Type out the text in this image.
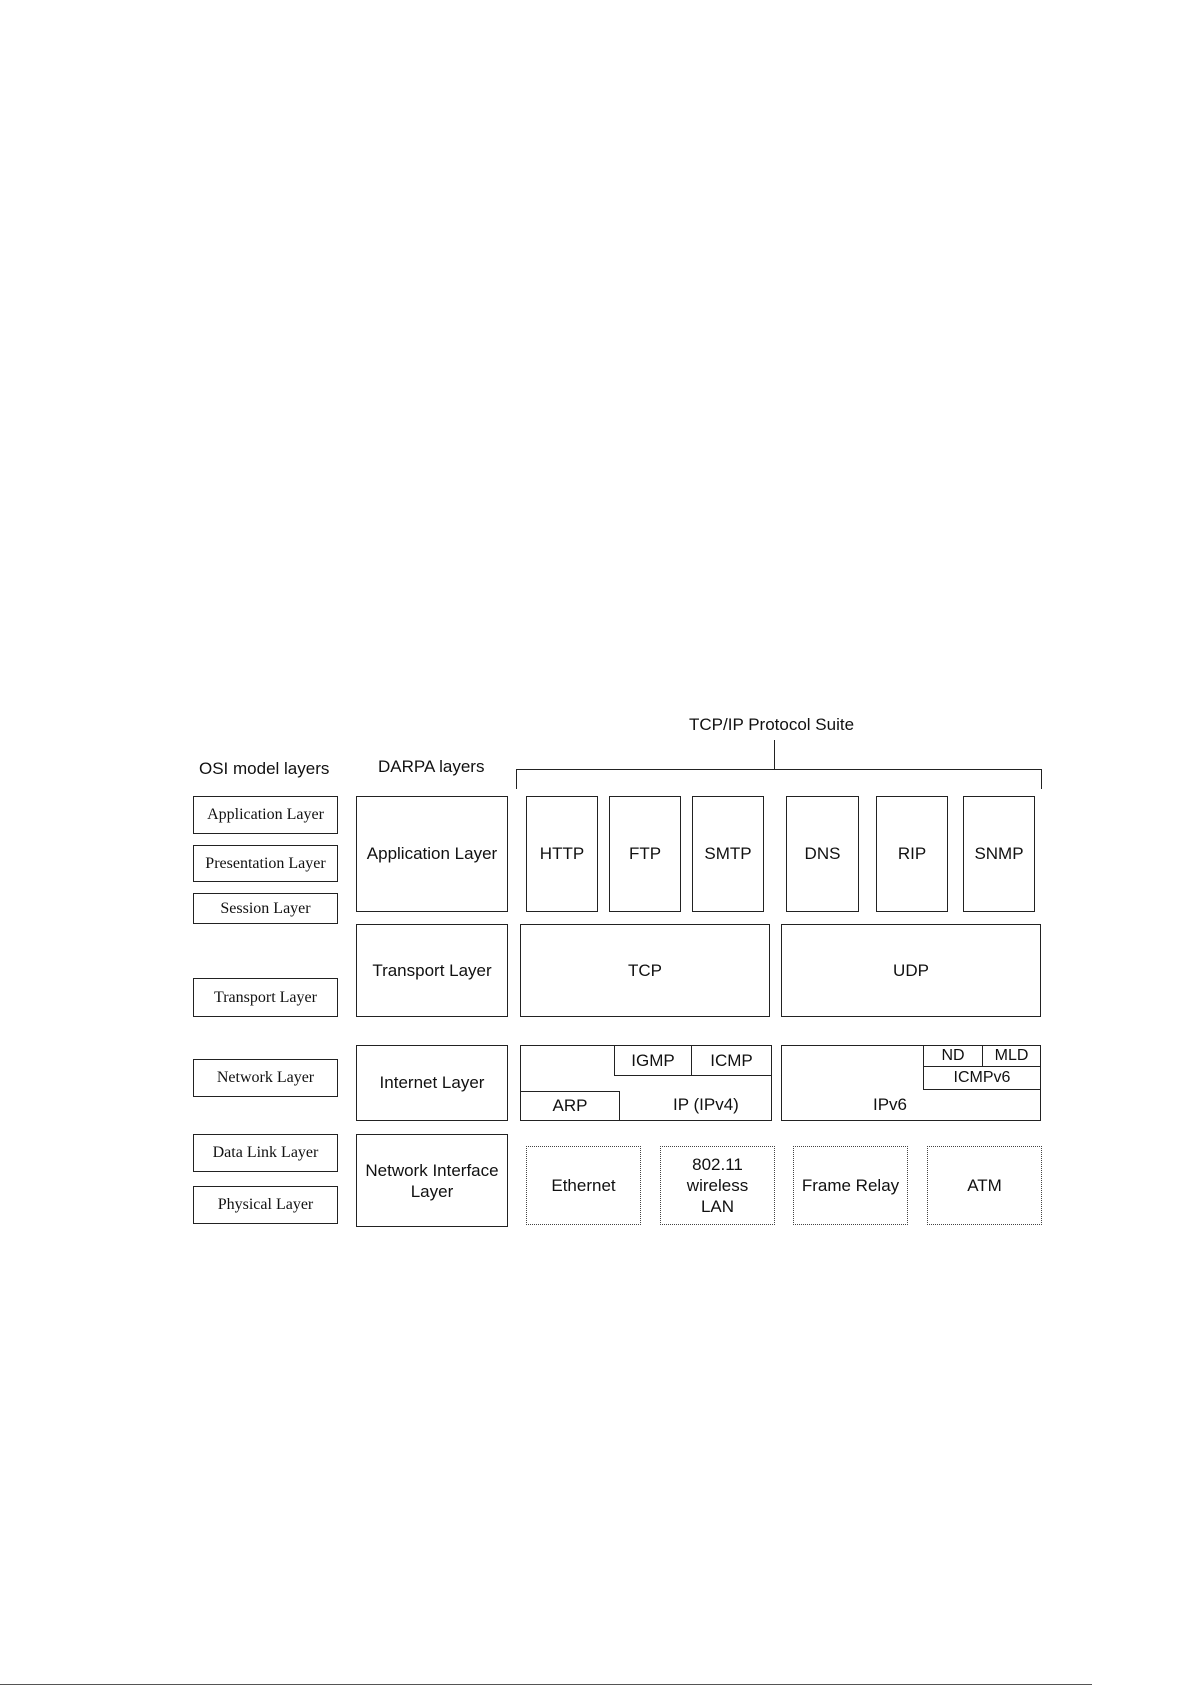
TCP/IP Protocol Suite
OSI model layers	DARPA layers
Application Layer
Presentation Layer
Session Layer
Transport Layer
Network Layer
Data Link Layer
Physical Layer
Application Layer
Transport Layer
Internet Layer
Network Interface
Layer
HTTP	FTP	SMTP	DNS	RIP	SNMP
TCP	UDP
IGMP	ICMP
ARP	IP (IPv4)
ND	MLD
ICMPv6
IPv6
Ethernet
802.11
wireless
LAN
Frame Relay	ATM
